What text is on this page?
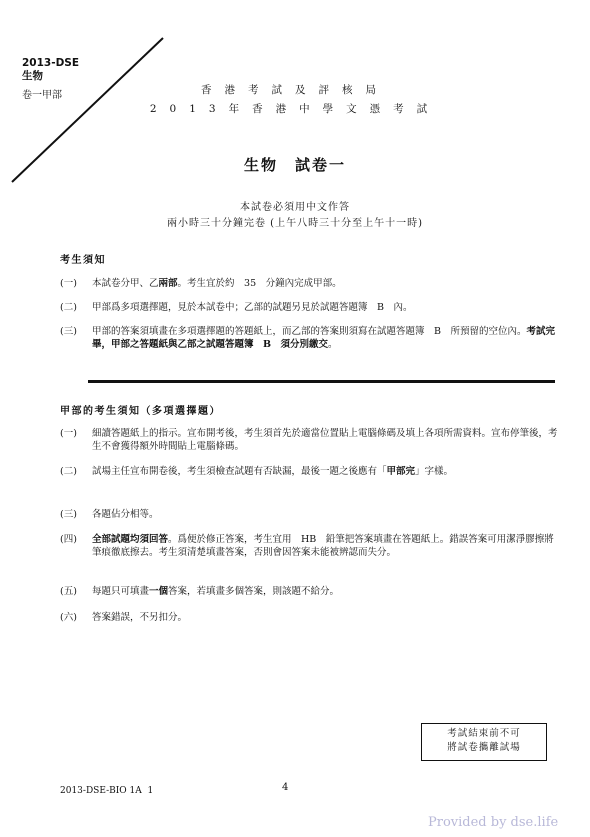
2013-DSE
生物
卷一甲部	香港考試及評核局
2013年香港中學文憑考試
生物　試卷一
本試卷必須用中文作答
兩小時三十分鐘完卷 (上午八時三十分至上午十一時)
考生須知
(一)	本試卷分甲、乙兩部。考生宜於約　35　分鐘內完成甲部。
(二)	甲部爲多項選擇題，見於本試卷中；乙部的試題另見於試題答題簿　B　內。
(三)	甲部的答案須填畫在多項選擇題的答題紙上，而乙部的答案則須寫在試題答題簿　B　所預留的空位內。考試完畢，甲部之答題紙與乙部之試題答題簿　B　須分別繳交。
甲部的考生須知（多項選擇題）
(一)	細讀答題紙上的指示。宣布開考後，考生須首先於適當位置貼上電腦條碼及填上各項所需資料。宣布停筆後，考生不會獲得額外時間貼上電腦條碼。
(二)	試場主任宣布開卷後，考生須檢查試題有否缺漏，最後一題之後應有「甲部完」字樣。
(三)	各題佔分相等。
(四)	全部試題均須回答。爲便於修正答案，考生宜用　HB　鉛筆把答案填畫在答題紙上。錯誤答案可用潔淨膠擦將筆痕徹底擦去。考生須清楚填畫答案，否則會因答案未能被辨認而失分。
(五)	每題只可填畫一個答案，若填畫多個答案，則該題不給分。
(六)	答案錯誤，不另扣分。
考試結束前不可
將試卷攜離試場
2013-DSE-BIO 1A  1	4
Provided by dse.life
